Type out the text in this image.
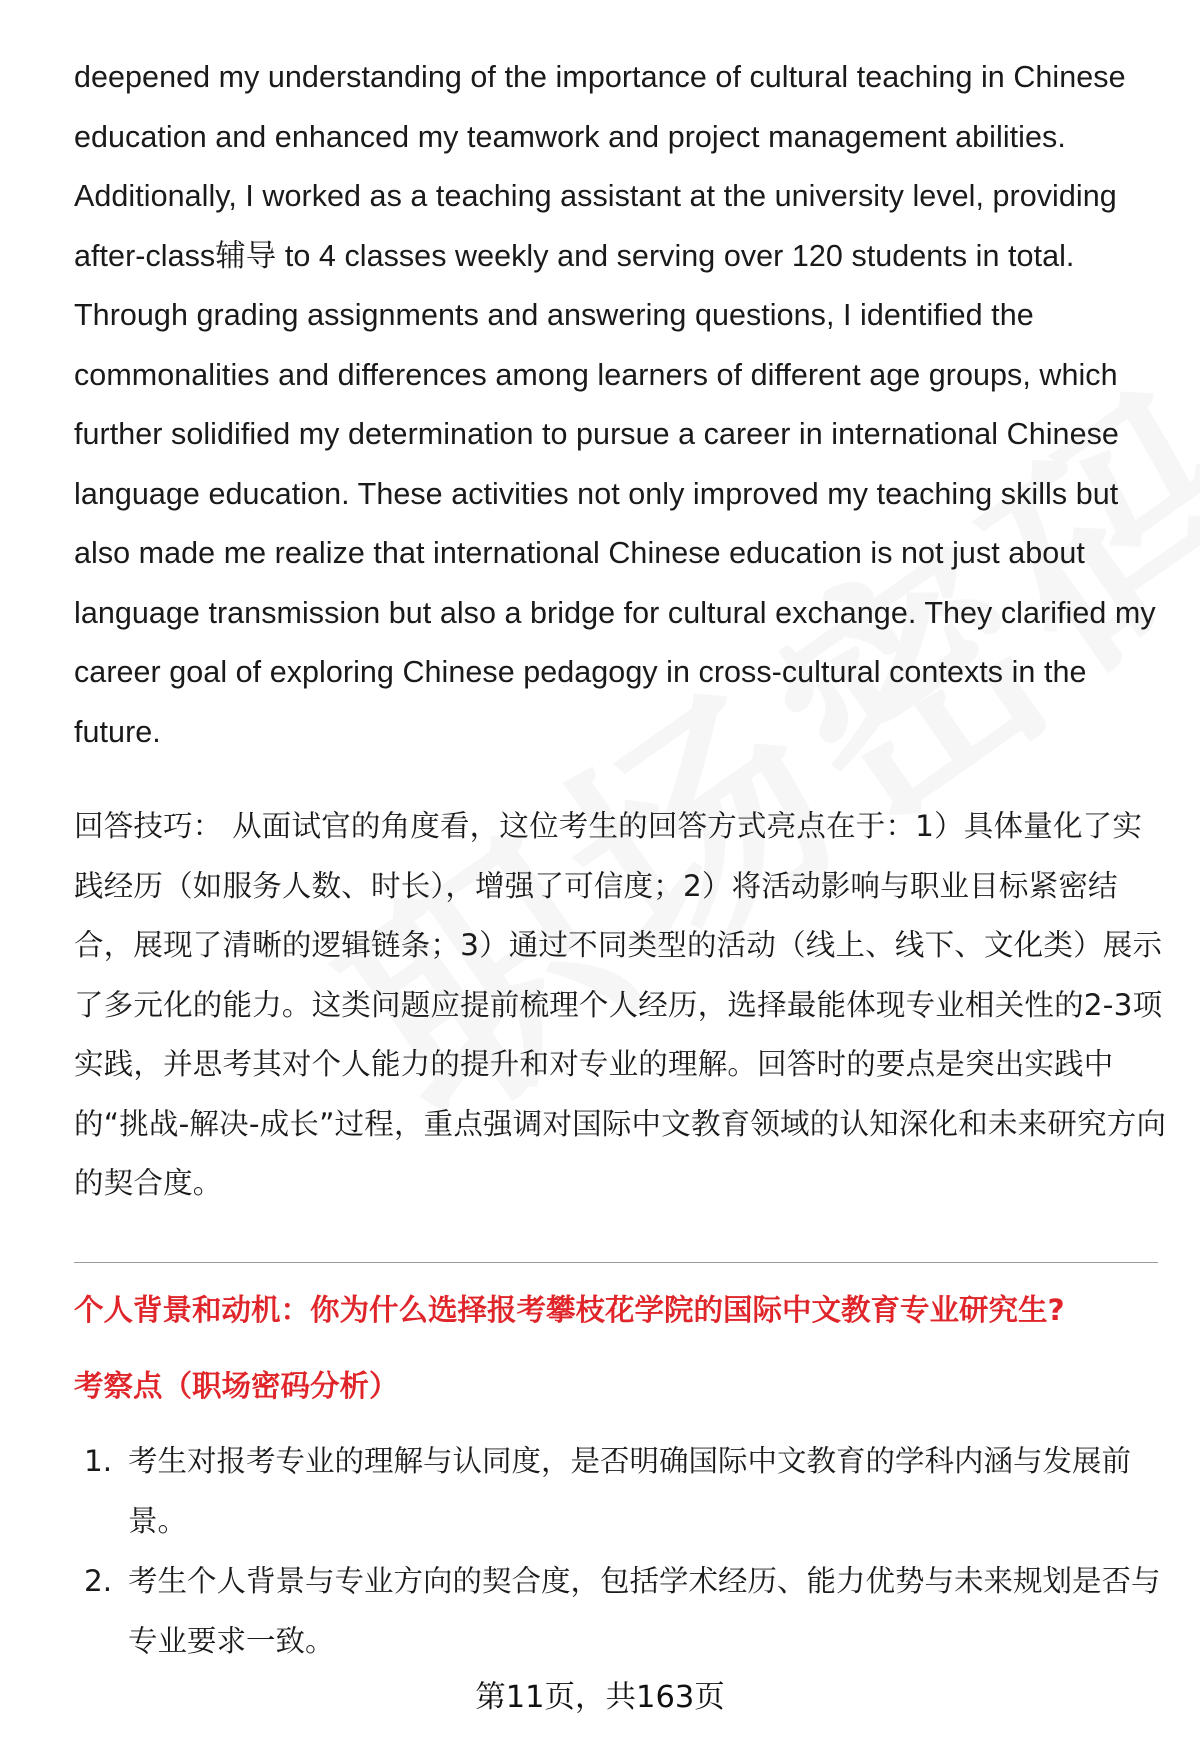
deepened my understanding of the importance of cultural teaching in Chinese education and enhanced my teamwork and project management abilities. Additionally, I worked as a teaching assistant at the university level, providing after-class辅导 to 4 classes weekly and serving over 120 students in total. Through grading assignments and answering questions, I identified the commonalities and differences among learners of different age groups, which further solidified my determination to pursue a career in international Chinese language education. These activities not only improved my teaching skills but also made me realize that international Chinese education is not just about language transmission but also a bridge for cultural exchange. They clarified my career goal of exploring Chinese pedagogy in cross-cultural contexts in the future.

回答技巧： 从面试官的角度看，这位考生的回答方式亮点在于：1）具体量化了实践经历（如服务人数、时长），增强了可信度；2）将活动影响与职业目标紧密结合，展现了清晰的逻辑链条；3）通过不同类型的活动（线上、线下、文化类）展示了多元化的能力。这类问题应提前梳理个人经历，选择最能体现专业相关性的2-3项实践，并思考其对个人能力的提升和对专业的理解。回答时的要点是突出实践中的“挑战-解决-成长”过程，重点强调对国际中文教育领域的认知深化和未来研究方向的契合度。

个人背景和动机：你为什么选择报考攀枝花学院的国际中文教育专业研究生?
考察点（职场密码分析）
1. 考生对报考专业的理解与认同度，是否明确国际中文教育的学科内涵与发展前景。
2. 考生个人背景与专业方向的契合度，包括学术经历、能力优势与未来规划是否与专业要求一致。
第11页，共163页
